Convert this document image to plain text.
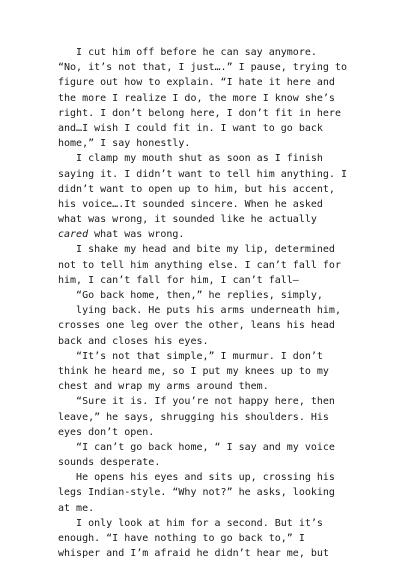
I cut him off before he can say anymore.
“No, it’s not that, I just….” I pause, trying to
figure out how to explain. “I hate it here and
the more I realize I do, the more I know she’s
right. I don’t belong here, I don’t fit in here
and…I wish I could fit in. I want to go back
home,” I say honestly.
I clamp my mouth shut as soon as I finish
saying it. I didn’t want to tell him anything. I
didn’t want to open up to him, but his accent,
his voice….It sounded sincere. When he asked
what was wrong, it sounded like he actually
cared what was wrong.
I shake my head and bite my lip, determined
not to tell him anything else. I can’t fall for
him, I can’t fall for him, I can’t fall—
“Go back home, then,” he replies, simply,
lying back. He puts his arms underneath him,
crosses one leg over the other, leans his head
back and closes his eyes.
“It’s not that simple,” I murmur. I don’t
think he heard me, so I put my knees up to my
chest and wrap my arms around them.
“Sure it is. If you’re not happy here, then
leave,” he says, shrugging his shoulders. His
eyes don’t open.
“I can’t go back home, “ I say and my voice
sounds desperate.
He opens his eyes and sits up, crossing his
legs Indian-style. “Why not?” he asks, looking
at me.
I only look at him for a second. But it’s
enough. “I have nothing to go back to,” I
whisper and I’m afraid he didn’t hear me, but
